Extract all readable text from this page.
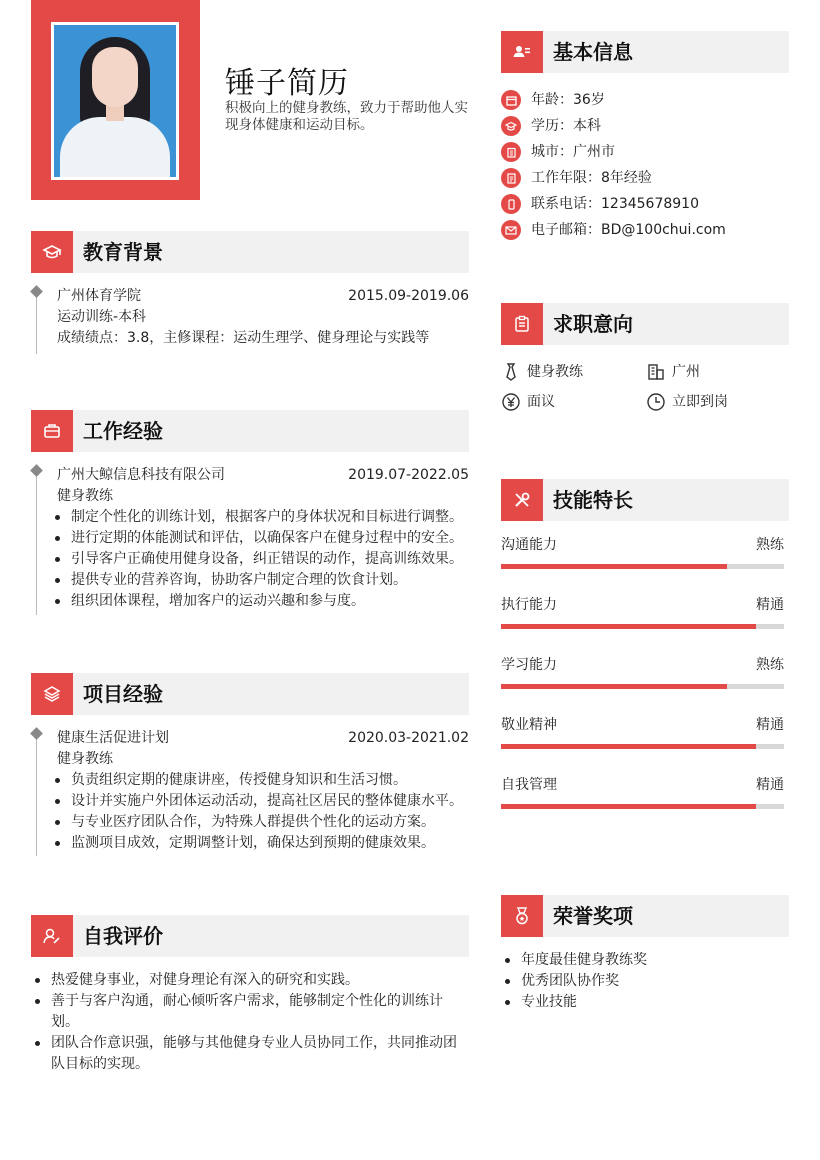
锤子简历
积极向上的健身教练，致力于帮助他人实现身体健康和运动目标。
教育背景
广州体育学院	2015.09-2019.06
运动训练-本科
成绩绩点：3.8，主修课程：运动生理学、健身理论与实践等
工作经验
广州大鲸信息科技有限公司	2019.07-2022.05
健身教练
制定个性化的训练计划，根据客户的身体状况和目标进行调整。
进行定期的体能测试和评估，以确保客户在健身过程中的安全。
引导客户正确使用健身设备，纠正错误的动作，提高训练效果。
提供专业的营养咨询，协助客户制定合理的饮食计划。
组织团体课程，增加客户的运动兴趣和参与度。
项目经验
健康生活促进计划	2020.03-2021.02
健身教练
负责组织定期的健康讲座，传授健身知识和生活习惯。
设计并实施户外团体运动活动，提高社区居民的整体健康水平。
与专业医疗团队合作，为特殊人群提供个性化的运动方案。
监测项目成效，定期调整计划，确保达到预期的健康效果。
自我评价
热爱健身事业，对健身理论有深入的研究和实践。
善于与客户沟通，耐心倾听客户需求，能够制定个性化的训练计划。
团队合作意识强，能够与其他健身专业人员协同工作，共同推动团队目标的实现。
基本信息
年龄：36岁
学历：本科
城市：广州市
工作年限：8年经验
联系电话：12345678910
电子邮箱：BD@100chui.com
求职意向
健身教练	广州
面议	立即到岗
技能特长
沟通能力	熟练
执行能力	精通
学习能力	熟练
敬业精神	精通
自我管理	精通
荣誉奖项
年度最佳健身教练奖
优秀团队协作奖
专业技能
